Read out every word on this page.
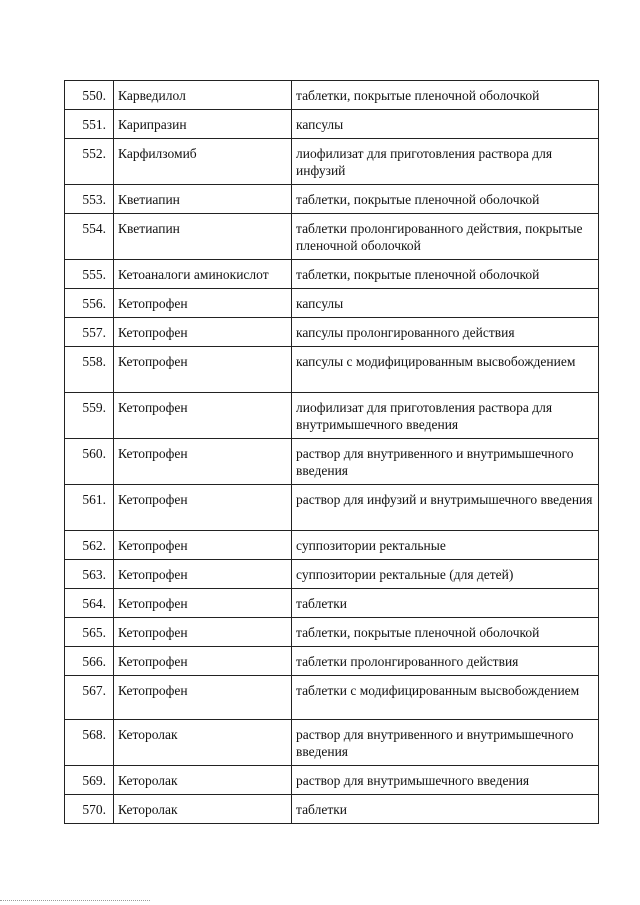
550.	Карведилол	таблетки, покрытые пленочной оболочкой
551.	Карипразин	капсулы
552.	Карфилзомиб	лиофилизат для приготовления раствора для инфузий
553.	Кветиапин	таблетки, покрытые пленочной оболочкой
554.	Кветиапин	таблетки пролонгированного действия, покрытые пленочной оболочкой
555.	Кетоаналоги аминокислот	таблетки, покрытые пленочной оболочкой
556.	Кетопрофен	капсулы
557.	Кетопрофен	капсулы пролонгированного действия
558.	Кетопрофен	капсулы с модифицированным высвобождением
559.	Кетопрофен	лиофилизат для приготовления раствора для внутримышечного введения
560.	Кетопрофен	раствор для внутривенного и внутримышечного введения
561.	Кетопрофен	раствор для инфузий и внутримышечного введения
562.	Кетопрофен	суппозитории ректальные
563.	Кетопрофен	суппозитории ректальные (для детей)
564.	Кетопрофен	таблетки
565.	Кетопрофен	таблетки, покрытые пленочной оболочкой
566.	Кетопрофен	таблетки пролонгированного действия
567.	Кетопрофен	таблетки с модифицированным высвобождением
568.	Кеторолак	раствор для внутривенного и внутримышечного введения
569.	Кеторолак	раствор для внутримышечного введения
570.	Кеторолак	таблетки
